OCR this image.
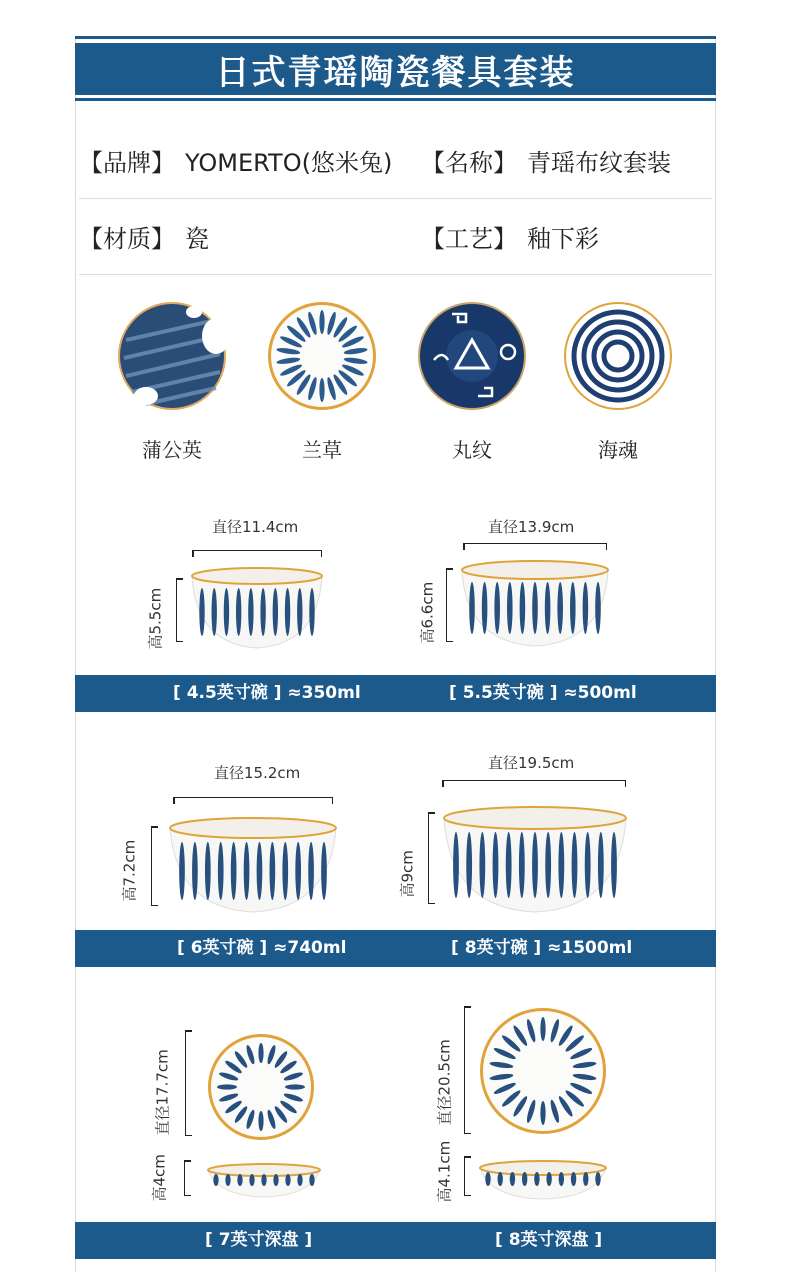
日式青瑶陶瓷餐具套装
【品牌】 YOMERTO(悠米兔) 【名称】 青瑶布纹套装
【材质】 瓷	【工艺】 釉下彩
蒲公英	兰草	丸纹	海魂
直径11.4cm
高5.5cm
直径13.9cm
高6.6cm
[ 4.5英寸碗 ] ≈350ml	[ 5.5英寸碗 ] ≈500ml
直径15.2cm
高7.2cm
直径19.5cm
高9cm
[ 6英寸碗 ] ≈740ml	[ 8英寸碗 ] ≈1500ml
直径17.7cm
高4cm
直径20.5cm
高4.1cm
[ 7英寸深盘 ]	[ 8英寸深盘 ]
